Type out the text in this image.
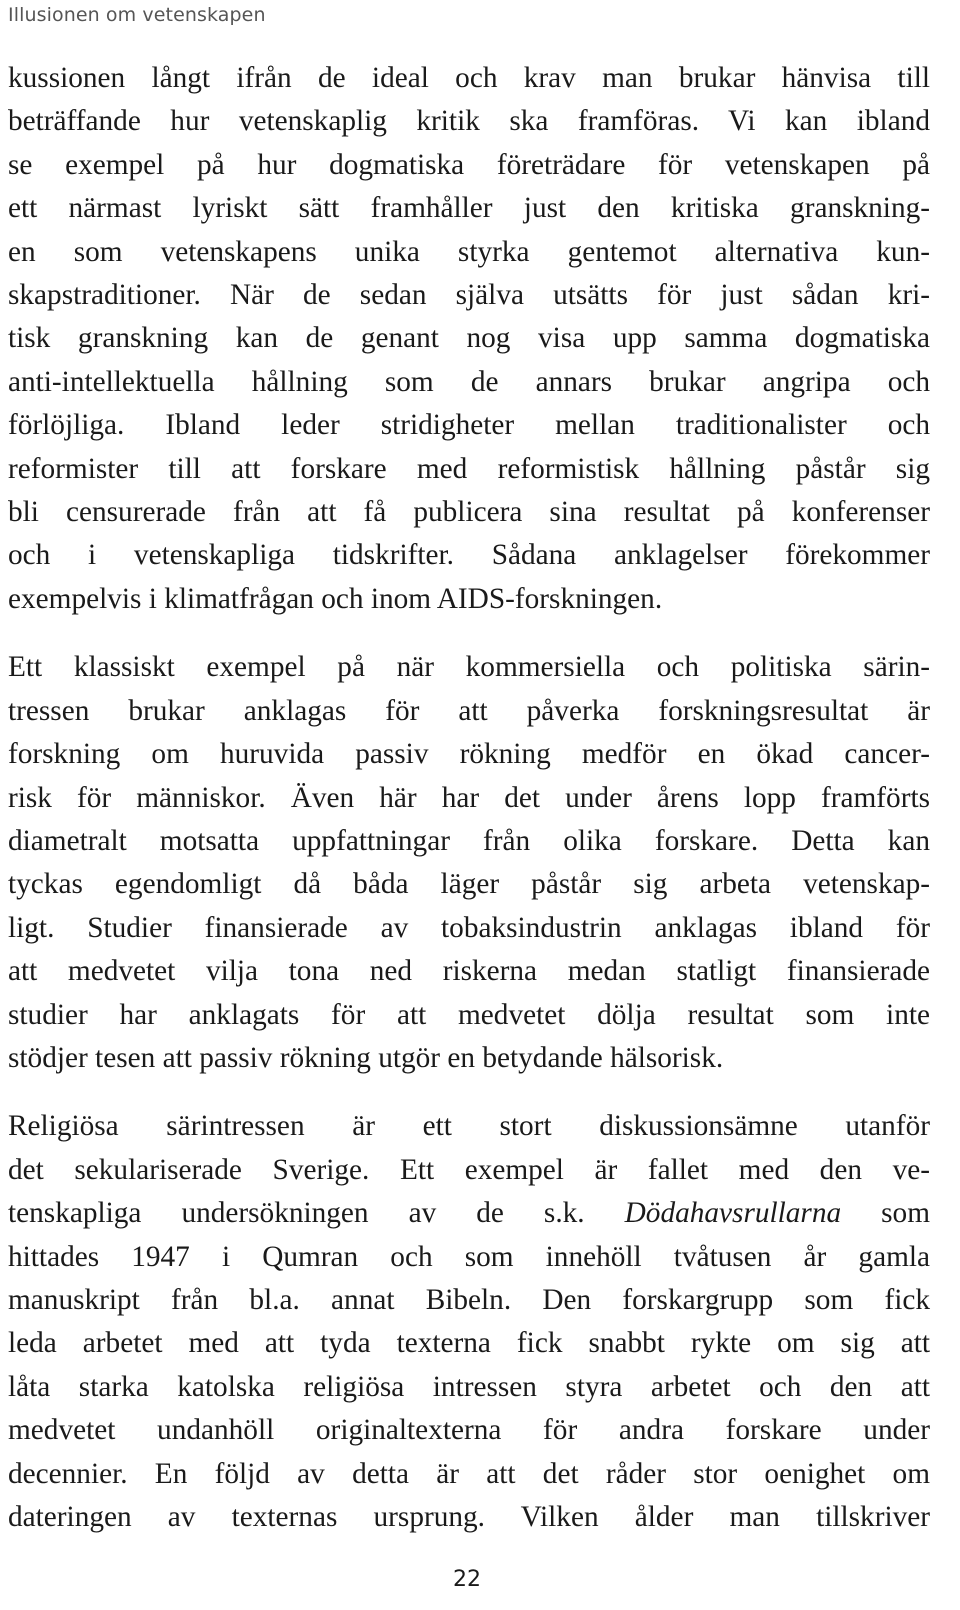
Illusionen om vetenskapen

kussionen långt ifrån de ideal och krav man brukar hänvisa till
beträffande hur vetenskaplig kritik ska framföras. Vi kan ibland
se exempel på hur dogmatiska företrädare för vetenskapen på
ett närmast lyriskt sätt framhåller just den kritiska granskning-
en som vetenskapens unika styrka gentemot alternativa kun-
skapstraditioner. När de sedan själva utsätts för just sådan kri-
tisk granskning kan de genant nog visa upp samma dogmatiska
anti-intellektuella hållning som de annars brukar angripa och
förlöjliga. Ibland leder stridigheter mellan traditionalister och
reformister till att forskare med reformistisk hållning påstår sig
bli censurerade från att få publicera sina resultat på konferenser
och i vetenskapliga tidskrifter. Sådana anklagelser förekommer
exempelvis i klimatfrågan och inom AIDS-forskningen.

Ett klassiskt exempel på när kommersiella och politiska särin-
tressen brukar anklagas för att påverka forskningsresultat är
forskning om huruvida passiv rökning medför en ökad cancer-
risk för människor. Även här har det under årens lopp framförts
diametralt motsatta uppfattningar från olika forskare. Detta kan
tyckas egendomligt då båda läger påstår sig arbeta vetenskap-
ligt. Studier finansierade av tobaksindustrin anklagas ibland för
att medvetet vilja tona ned riskerna medan statligt finansierade
studier har anklagats för att medvetet dölja resultat som inte
stödjer tesen att passiv rökning utgör en betydande hälsorisk.

Religiösa särintressen är ett stort diskussionsämne utanför
det sekulariserade Sverige. Ett exempel är fallet med den ve-
tenskapliga undersökningen av de s.k. Dödahavsrullarna som
hittades 1947 i Qumran och som innehöll tvåtusen år gamla
manuskript från bl.a. annat Bibeln. Den forskargrupp som fick
leda arbetet med att tyda texterna fick snabbt rykte om sig att
låta starka katolska religiösa intressen styra arbetet och den att
medvetet undanhöll originaltexterna för andra forskare under
decennier. En följd av detta är att det råder stor oenighet om
dateringen av texternas ursprung. Vilken ålder man tillskriver

22
